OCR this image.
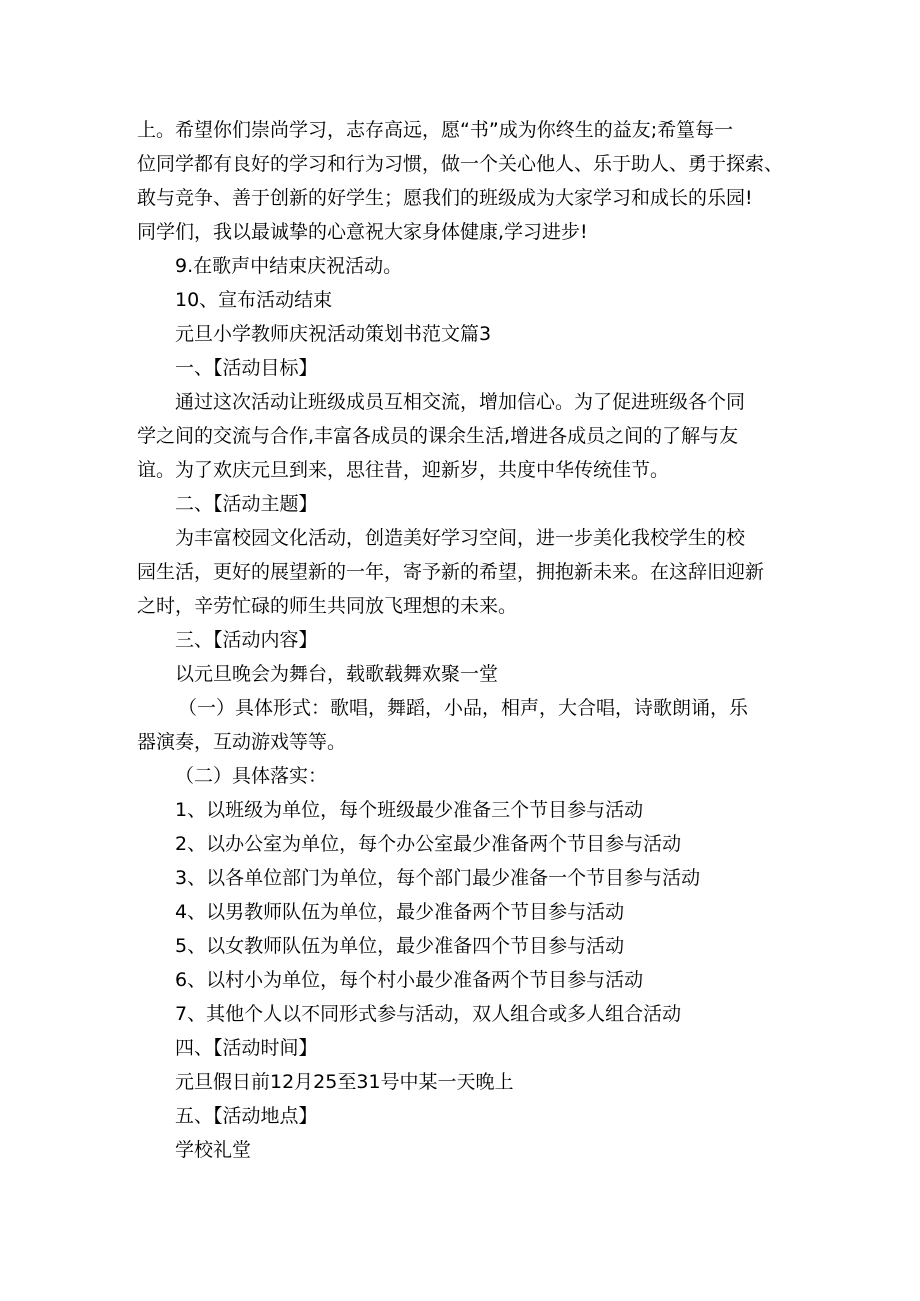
上。希望你们崇尚学习，志存高远，愿“书”成为你终生的益友;希篁每一
位同学都有良好的学习和行为习惯，做一个关心他人、乐于助人、勇于探索、
敢与竞争、善于创新的好学生；愿我们的班级成为大家学习和成长的乐园!
同学们，我以最诚挚的心意祝大家身体健康,学习进步!
9.在歌声中结束庆祝活动。
10、宣布活动结束
元旦小学教师庆祝活动策划书范文篇3
一、【活动目标】
通过这次活动让班级成员互相交流，增加信心。为了促进班级各个同
学之间的交流与合作,丰富各成员的课余生活,增进各成员之间的了解与友
谊。为了欢庆元旦到来，思往昔，迎新岁，共度中华传统佳节。
二、【活动主题】
为丰富校园文化活动，创造美好学习空间，进一步美化我校学生的校
园生活，更好的展望新的一年，寄予新的希望，拥抱新未来。在这辞旧迎新
之时，辛劳忙碌的师生共同放飞理想的未来。
三、【活动内容】
以元旦晚会为舞台，载歌载舞欢聚一堂
（一）具体形式：歌唱，舞蹈，小品，相声，大合唱，诗歌朗诵，乐
器演奏，互动游戏等等。
（二）具体落实：
1、以班级为单位，每个班级最少准备三个节目参与活动
2、以办公室为单位，每个办公室最少准备两个节目参与活动
3、以各单位部门为单位，每个部门最少准备一个节目参与活动
4、以男教师队伍为单位，最少准备两个节目参与活动
5、以女教师队伍为单位，最少准备四个节目参与活动
6、以村小为单位，每个村小最少准备两个节目参与活动
7、其他个人以不同形式参与活动，双人组合或多人组合活动
四、【活动时间】
元旦假日前12月25至31号中某一天晚上
五、【活动地点】
学校礼堂
